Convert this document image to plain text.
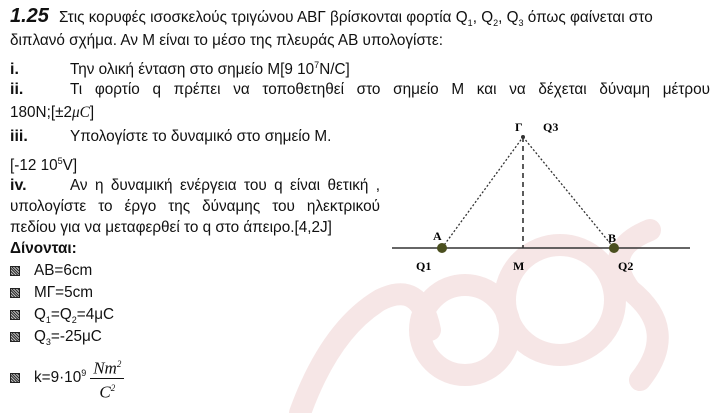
1.25 Στις κορυφές ισοσκελούς τριγώνου ΑΒΓ βρίσκονται φορτία $Q_1$, $Q_2$, $Q_3$ όπως φαίνεται στο
διπλανό σχήμα. Αν Μ είναι το μέσο της πλευράς ΑΒ υπολογίστε:
i.	Την ολική ένταση στο σημείο Μ[9 $10^7N/C$]
ii.	Τι φορτίο q πρέπει να τοποθετηθεί στο σημείο Μ και να δέχεται δύναμη μέτρου
180N;[±2μC]
iii.	Υπολογίστε το δυναμικό στο σημείο Μ.
[-12 $10^5V$]
iv.	Αν η δυναμική ενέργεια του q είναι θετική ,
υπολογίστε το έργο της δύναμης του ηλεκτρικού
πεδίου για να μεταφερθεί το q στο άπειρο.[4,2J]
Δίνονται:
AB=6cm
ΜΓ=5cm
$Q_1=Q_2=4\mu C$
$Q_3=-25\mu C$
$k=9\cdot 10^9 \frac{Nm^2}{C^2}$
Γ Q3
A	B
Q1	M	Q2
